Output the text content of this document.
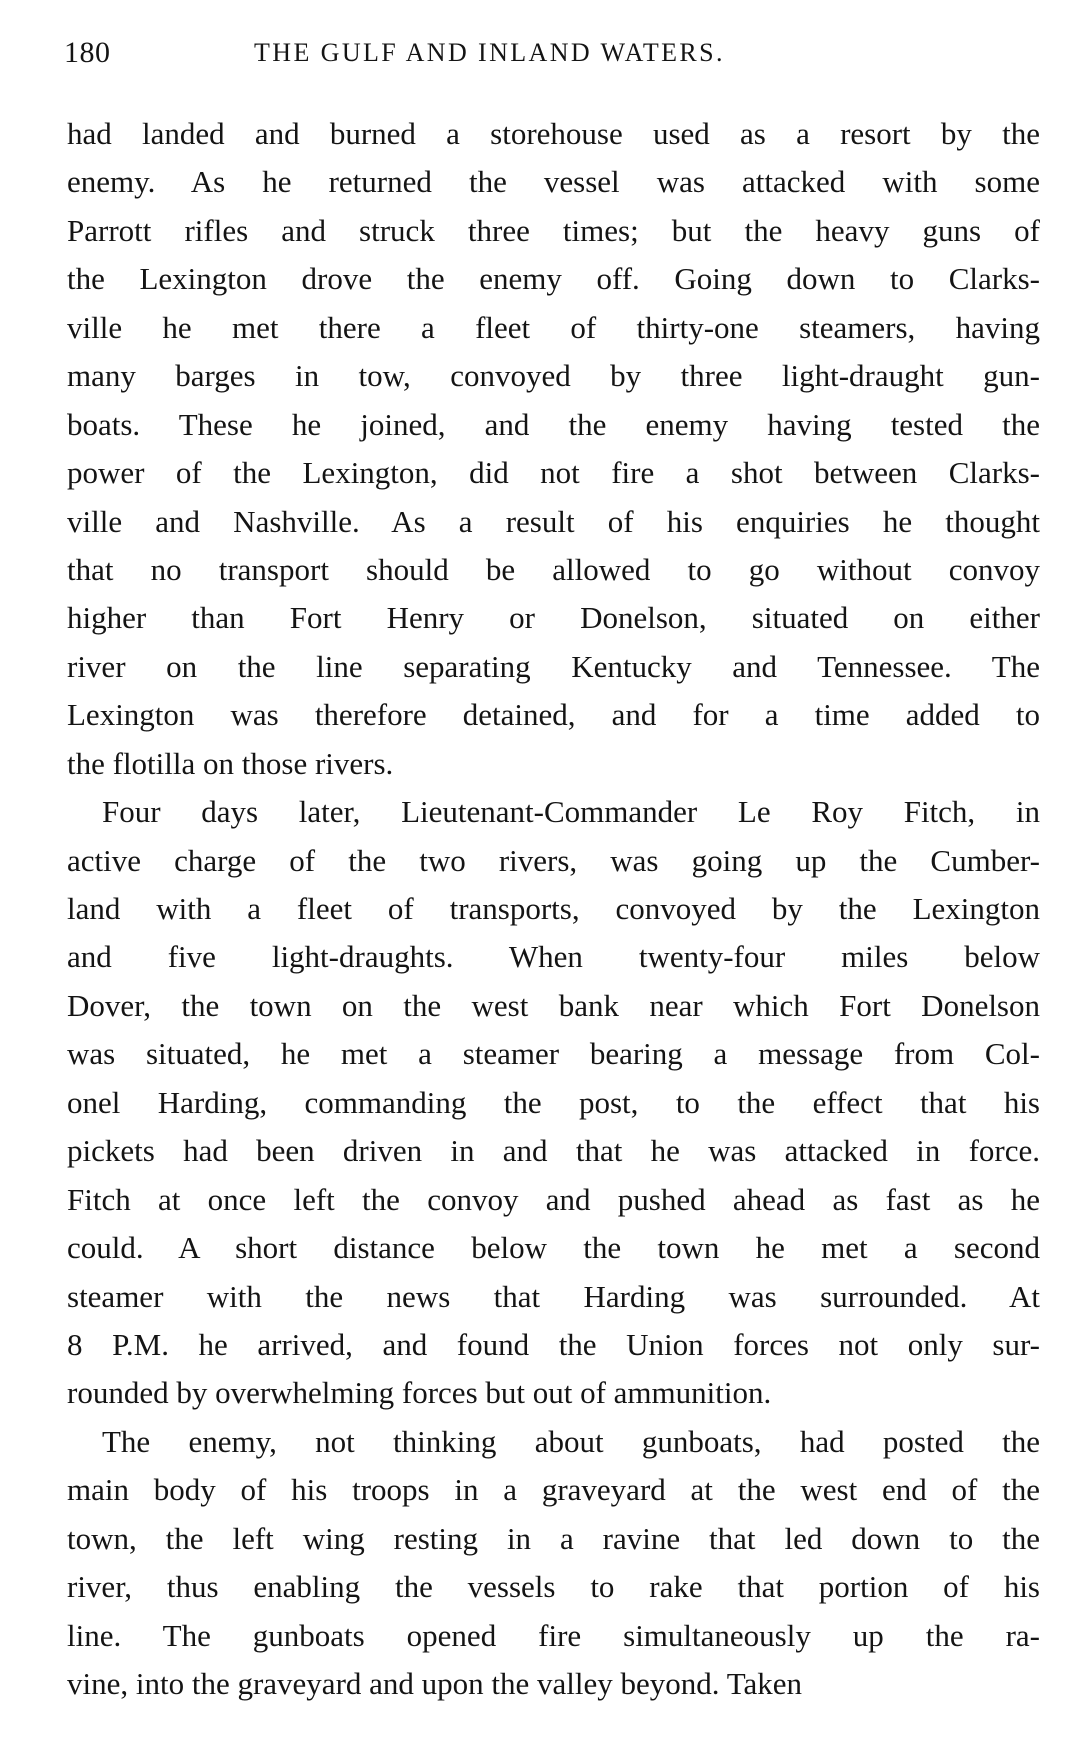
180	THE GULF AND INLAND WATERS.

had landed and burned a storehouse used as a resort by the
enemy. As he returned the vessel was attacked with some
Parrott rifles and struck three times; but the heavy guns of
the Lexington drove the enemy off. Going down to Clarks-
ville he met there a fleet of thirty-one steamers, having
many barges in tow, convoyed by three light-draught gun-
boats. These he joined, and the enemy having tested the
power of the Lexington, did not fire a shot between Clarks-
ville and Nashville. As a result of his enquiries he thought
that no transport should be allowed to go without convoy
higher than Fort Henry or Donelson, situated on either
river on the line separating Kentucky and Tennessee. The
Lexington was therefore detained, and for a time added to
the flotilla on those rivers.

Four days later, Lieutenant-Commander Le Roy Fitch, in
active charge of the two rivers, was going up the Cumber-
land with a fleet of transports, convoyed by the Lexington
and five light-draughts. When twenty-four miles below
Dover, the town on the west bank near which Fort Donelson
was situated, he met a steamer bearing a message from Col-
onel Harding, commanding the post, to the effect that his
pickets had been driven in and that he was attacked in force.
Fitch at once left the convoy and pushed ahead as fast as he
could. A short distance below the town he met a second
steamer with the news that Harding was surrounded. At
8 P.M. he arrived, and found the Union forces not only sur-
rounded by overwhelming forces but out of ammunition.

The enemy, not thinking about gunboats, had posted the
main body of his troops in a graveyard at the west end of the
town, the left wing resting in a ravine that led down to the
river, thus enabling the vessels to rake that portion of his
line. The gunboats opened fire simultaneously up the ra-
vine, into the graveyard and upon the valley beyond. Taken
